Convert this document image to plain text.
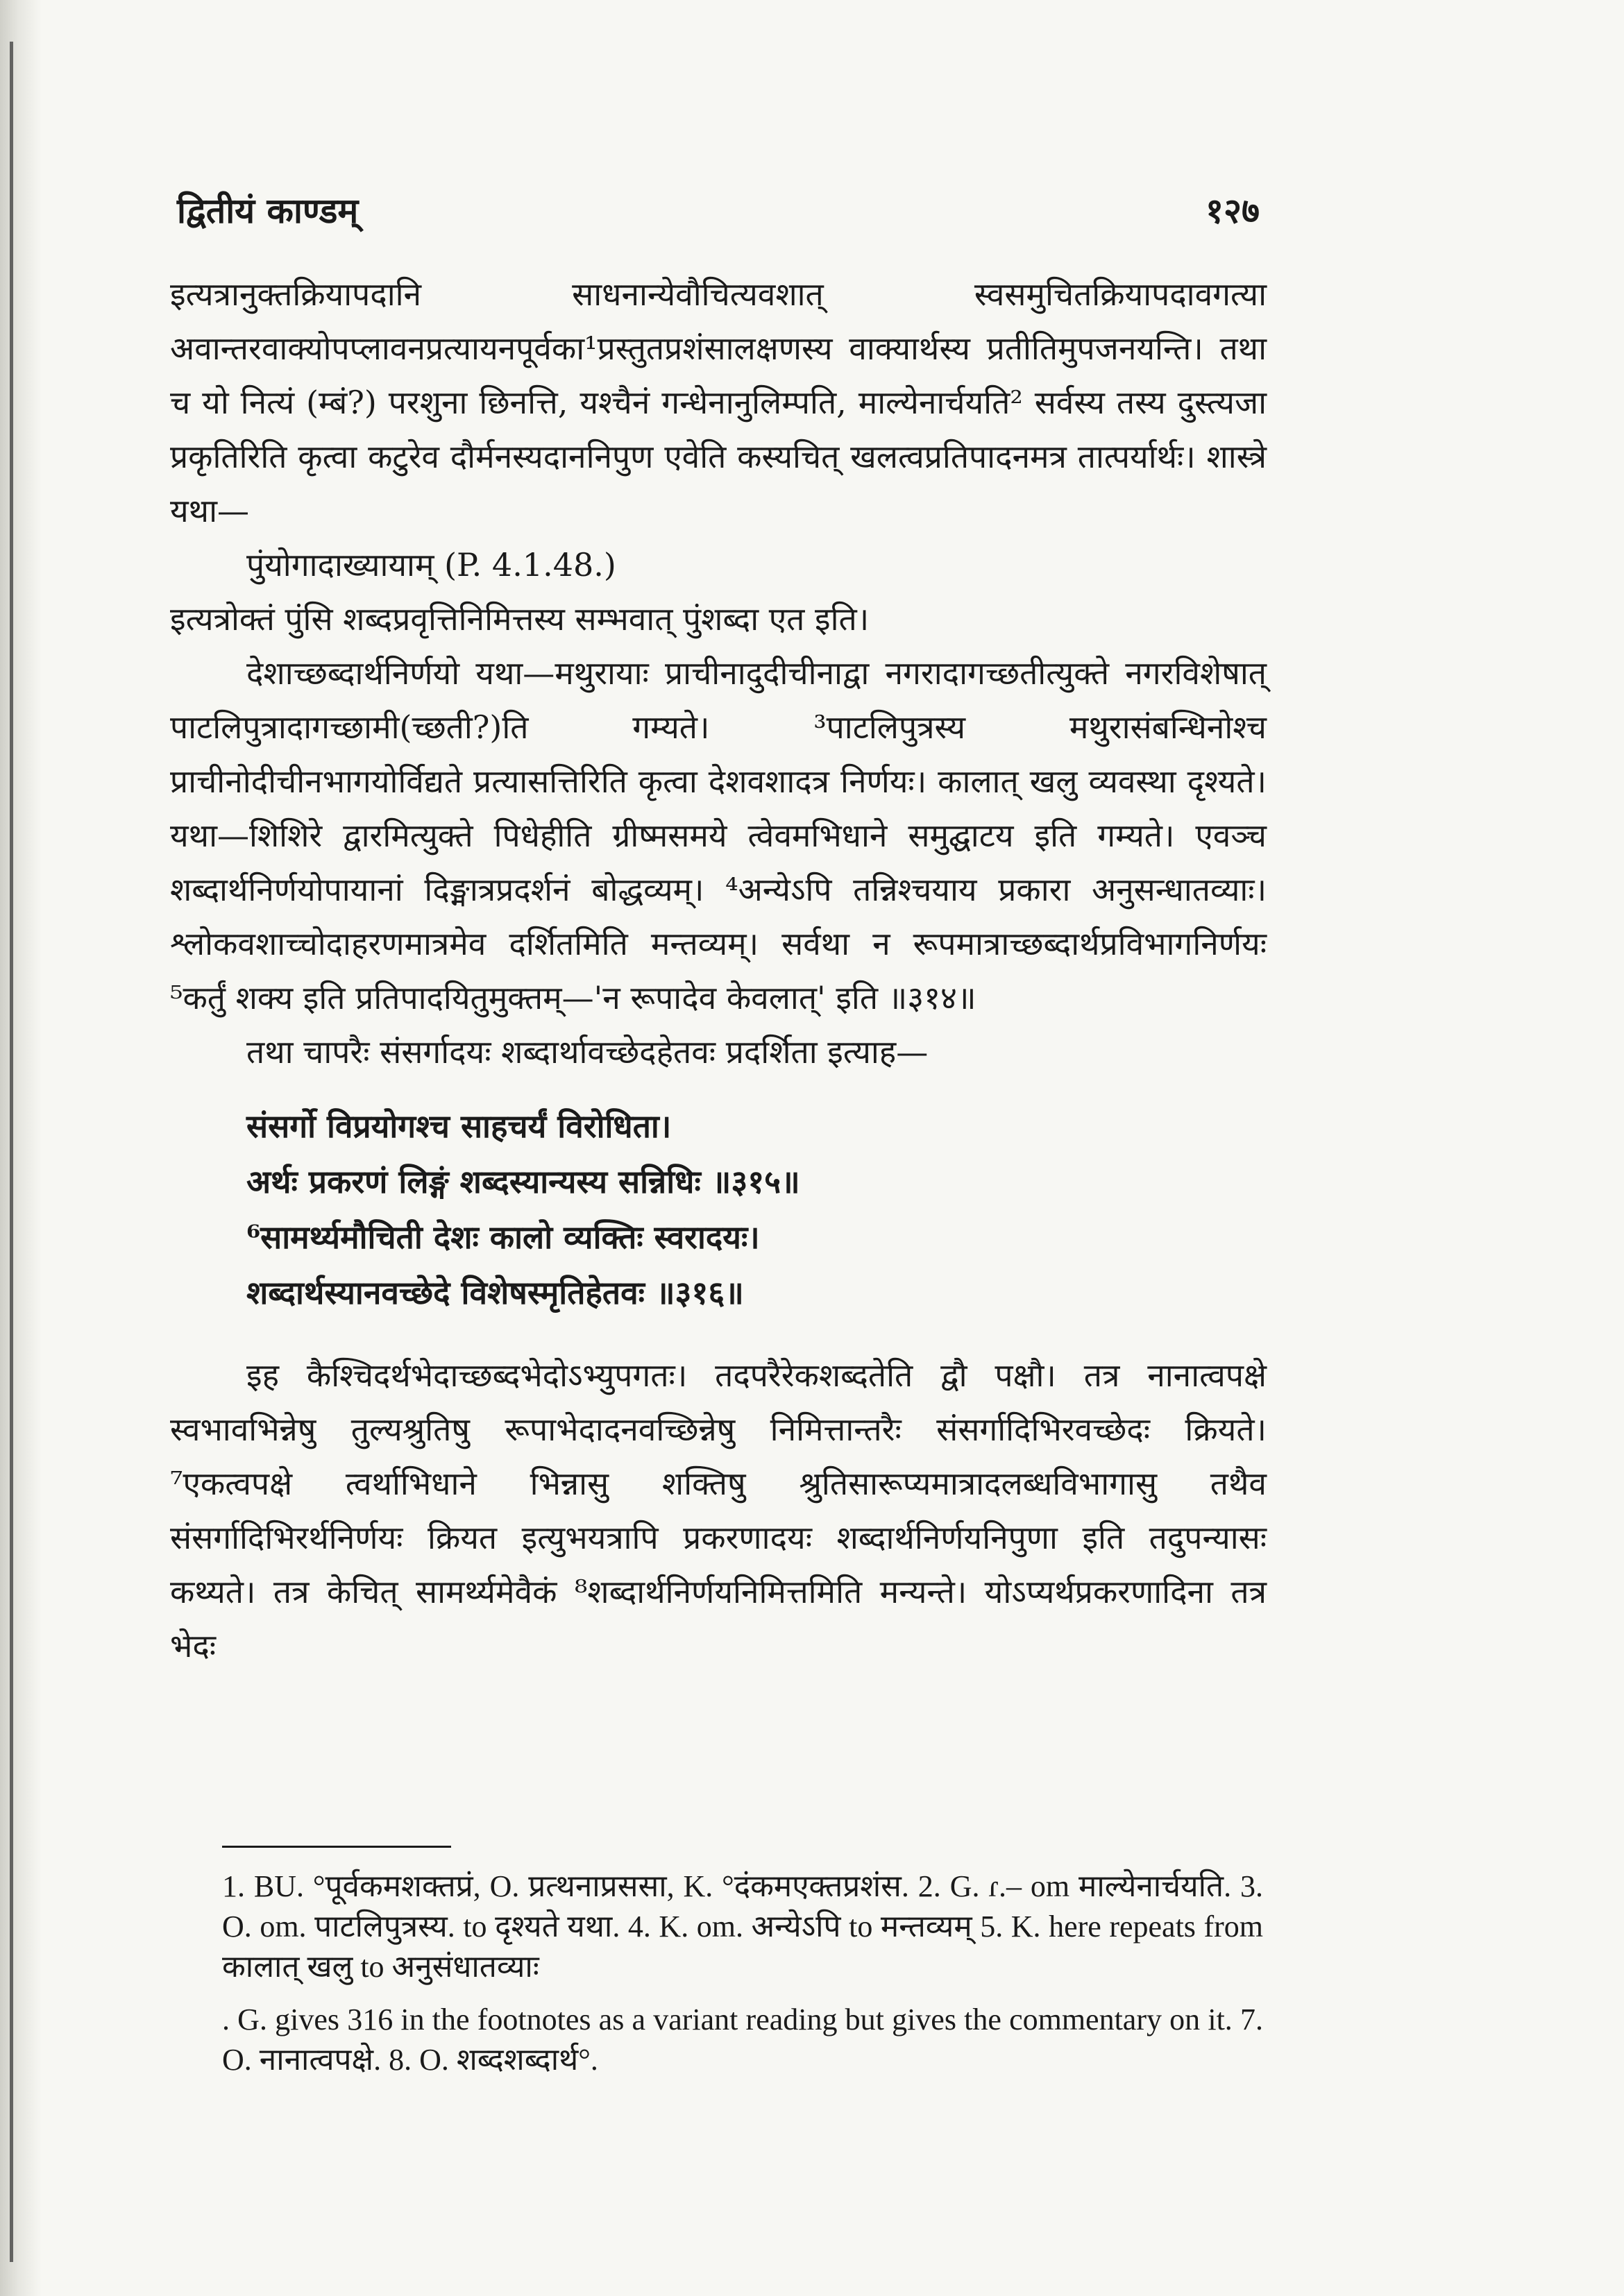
द्वितीयं काण्डम्	१२७

इत्यत्रानुक्तक्रियापदानि साधनान्येवौचित्यवशात् स्वसमुचितक्रियापदावगत्या अवान्तरवाक्योपप्लावनप्रत्यायनपूर्वका¹प्रस्तुतप्रशंसालक्षणस्य वाक्यार्थस्य प्रतीतिमुपजनयन्ति। तथा च यो नित्यं (म्बं?) परशुना छिनत्ति, यश्चैनं गन्धेनानुलिम्पति, माल्येनार्चयति² सर्वस्य तस्य दुस्त्यजा प्रकृतिरिति कृत्वा कटुरेव दौर्मनस्यदाननिपुण एवेति कस्यचित् खलत्वप्रतिपादनमत्र तात्पर्यार्थः। शास्त्रे यथा—

पुंयोगादाख्यायाम् (P. 4.1.48.)

इत्यत्रोक्तं पुंसि शब्दप्रवृत्तिनिमित्तस्य सम्भवात् पुंशब्दा एत इति।

देशाच्छब्दार्थनिर्णयो यथा—मथुरायाः प्राचीनादुदीचीनाद्वा नगरादागच्छतीत्युक्ते नगरविशेषात् पाटलिपुत्रादागच्छामी(च्छती?)ति गम्यते। ³पाटलिपुत्रस्य मथुरासंबन्धिनोश्च प्राचीनोदीचीनभागयोर्विद्यते प्रत्यासत्तिरिति कृत्वा देशवशादत्र निर्णयः। कालात् खलु व्यवस्था दृश्यते। यथा—शिशिरे द्वारमित्युक्ते पिधेहीति ग्रीष्मसमये त्वेवमभिधाने समुद्घाटय इति गम्यते। एवञ्च शब्दार्थनिर्णयोपायानां दिङ्मात्रप्रदर्शनं बोद्धव्यम्। ⁴अन्येऽपि तन्निश्चयाय प्रकारा अनुसन्धातव्याः। श्लोकवशाच्चोदाहरणमात्रमेव दर्शितमिति मन्तव्यम्। सर्वथा न रूपमात्राच्छब्दार्थप्रविभागनिर्णयः ⁵कर्तुं शक्य इति प्रतिपादयितुमुक्तम्—'न रूपादेव केवलात्' इति ॥३१४॥

तथा चापरैः संसर्गादयः शब्दार्थावच्छेदहेतवः प्रदर्शिता इत्याह—

संसर्गो विप्रयोगश्च साहचर्यं विरोधिता।
अर्थः प्रकरणं लिङ्गं शब्दस्यान्यस्य सन्निधिः ॥३१५॥
⁶सामर्थ्यमौचिती देशः कालो व्यक्तिः स्वरादयः।
शब्दार्थस्यानवच्छेदे विशेषस्मृतिहेतवः ॥३१६॥

इह कैश्चिदर्थभेदाच्छब्दभेदोऽभ्युपगतः। तदपरैरेकशब्दतेति द्वौ पक्षौ। तत्र नानात्वपक्षे स्वभावभिन्नेषु तुल्यश्रुतिषु रूपाभेदादनवच्छिन्नेषु निमित्तान्तरैः संसर्गादिभिरवच्छेदः क्रियते। ⁷एकत्वपक्षे त्वर्थाभिधाने भिन्नासु शक्तिषु श्रुतिसारूप्यमात्रादलब्धविभागासु तथैव संसर्गादिभिरर्थनिर्णयः क्रियत इत्युभयत्रापि प्रकरणादयः शब्दार्थनिर्णयनिपुणा इति तदुपन्यासः कथ्यते। तत्र केचित् सामर्थ्यमेवैकं ⁸शब्दार्थनिर्णयनिमित्तमिति मन्यन्ते। योऽप्यर्थप्रकरणादिना तत्र भेदः

1. BU. °पूर्वकमशक्तप्रं, O. प्रत्थनाप्रससा, K. °दंकमएक्तप्रशंस. 2. G. ɾ.– om माल्येनार्चयति. 3. O. om. पाटलिपुत्रस्य. to दृश्यते यथा. 4. K. om. अन्येऽपि to मन्तव्यम् 5. K. here repeats from कालात् खलु to अनुसंधातव्याः

. G. gives 316 in the footnotes as a variant reading but gives the commentary on it. 7. O. नानात्वपक्षे. 8. O. शब्दशब्दार्थ°.
